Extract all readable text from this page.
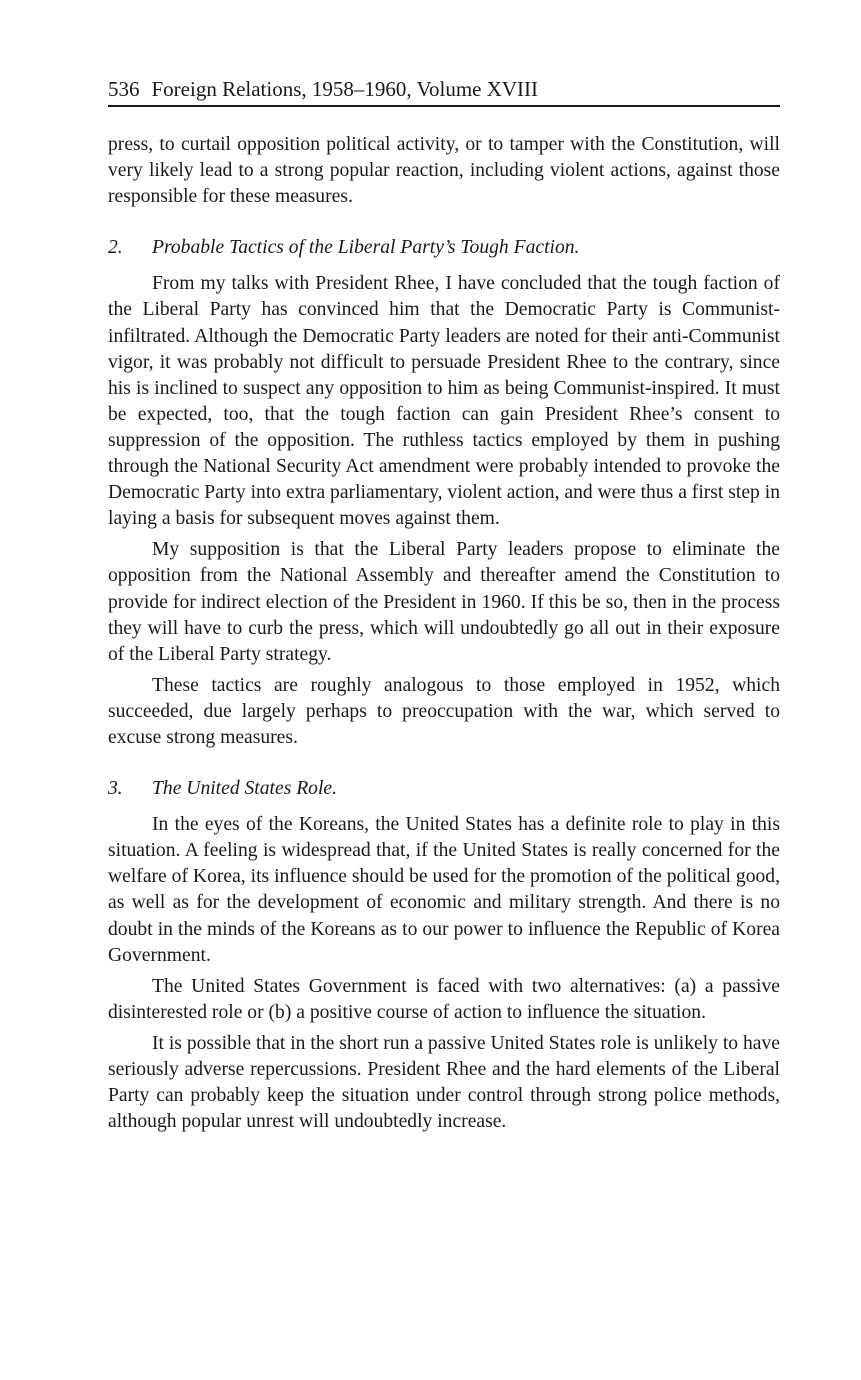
536 Foreign Relations, 1958–1960, Volume XVIII

press, to curtail opposition political activity, or to tamper with the Constitution, will very likely lead to a strong popular reaction, including violent actions, against those responsible for these measures.

2.	Probable Tactics of the Liberal Party’s Tough Faction.

From my talks with President Rhee, I have concluded that the tough faction of the Liberal Party has convinced him that the Democratic Party is Communist-infiltrated. Although the Democratic Party leaders are noted for their anti-Communist vigor, it was probably not difficult to persuade President Rhee to the contrary, since his is inclined to suspect any opposition to him as being Communist-inspired. It must be expected, too, that the tough faction can gain President Rhee’s consent to suppression of the opposition. The ruthless tactics employed by them in pushing through the National Security Act amendment were probably intended to provoke the Democratic Party into extra parliamentary, violent action, and were thus a first step in laying a basis for subsequent moves against them.

My supposition is that the Liberal Party leaders propose to eliminate the opposition from the National Assembly and thereafter amend the Constitution to provide for indirect election of the President in 1960. If this be so, then in the process they will have to curb the press, which will undoubtedly go all out in their exposure of the Liberal Party strategy.

These tactics are roughly analogous to those employed in 1952, which succeeded, due largely perhaps to preoccupation with the war, which served to excuse strong measures.

3.	The United States Role.

In the eyes of the Koreans, the United States has a definite role to play in this situation. A feeling is widespread that, if the United States is really concerned for the welfare of Korea, its influence should be used for the promotion of the political good, as well as for the development of economic and military strength. And there is no doubt in the minds of the Koreans as to our power to influence the Republic of Korea Government.

The United States Government is faced with two alternatives: (a) a passive disinterested role or (b) a positive course of action to influence the situation.

It is possible that in the short run a passive United States role is unlikely to have seriously adverse repercussions. President Rhee and the hard elements of the Liberal Party can probably keep the situation under control through strong police methods, although popular unrest will undoubtedly increase.
